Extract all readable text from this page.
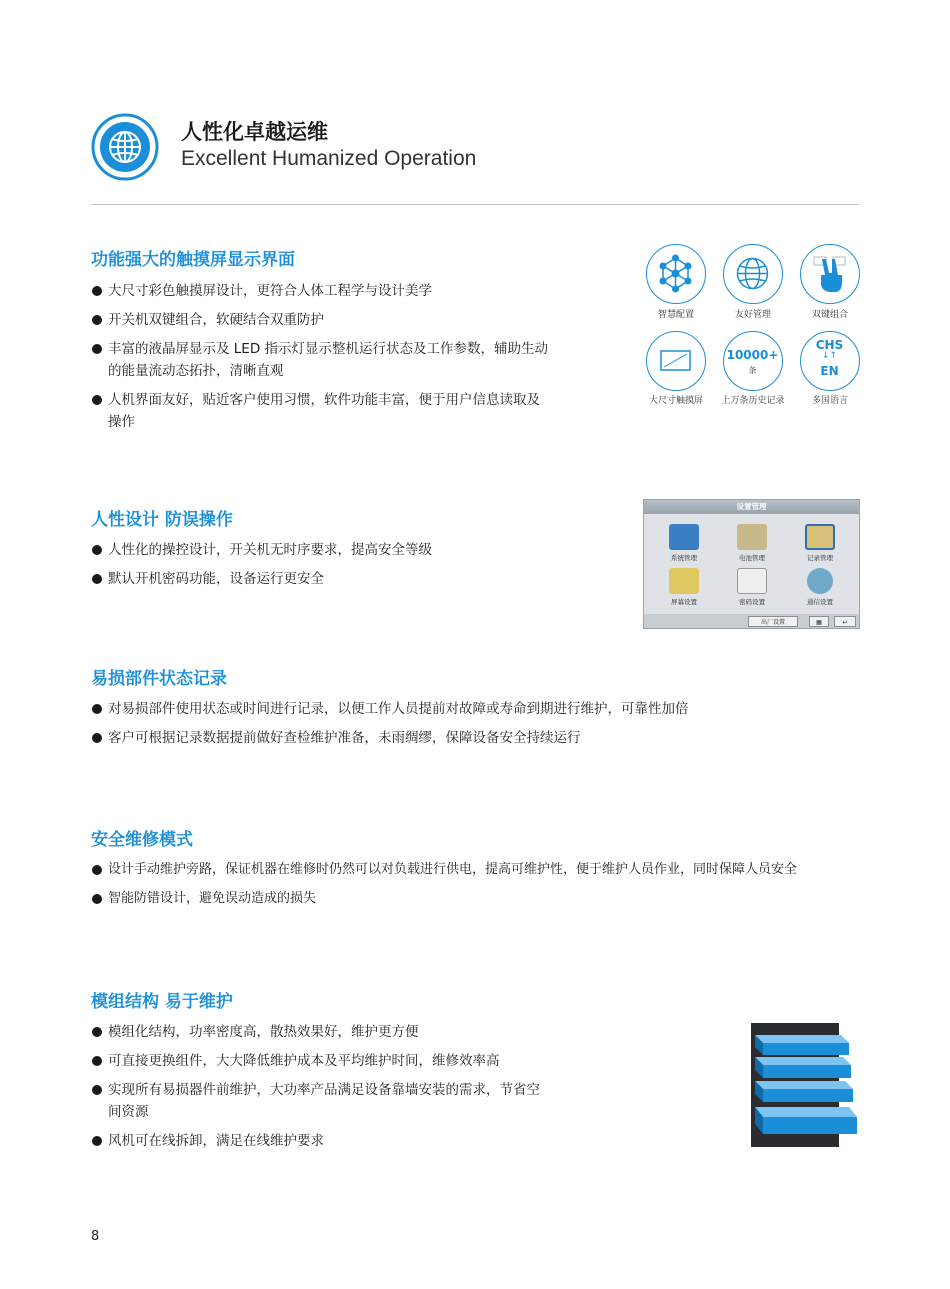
人性化卓越运维
Excellent Humanized Operation
功能强大的触摸屏显示界面
大尺寸彩色触摸屏设计，更符合人体工程学与设计美学
开关机双键组合，软硬结合双重防护
丰富的液晶屏显示及 LED 指示灯显示整机运行状态及工作参数，辅助生动的能量流动态拓扑，清晰直观
人机界面友好，贴近客户使用习惯，软件功能丰富，便于用户信息读取及操作
智慧配置	友好管理	双键组合
大尺寸触摸屏
10000+
条
上万条历史记录
CHS
↓↑
EN
多国语言
人性设计 防误操作
人性化的操控设计，开关机无时序要求，提高安全等级
默认开机密码功能，设备运行更安全
设置管理
系统管理	电池管理	记录管理
屏幕设置	密码设置	通信设置
出厂设置	▦	↩
易损部件状态记录
对易损部件使用状态或时间进行记录，以便工作人员提前对故障或寿命到期进行维护，可靠性加倍
客户可根据记录数据提前做好查检维护准备，未雨绸缪，保障设备安全持续运行
安全维修模式
设计手动维护旁路，保证机器在维修时仍然可以对负载进行供电，提高可维护性，便于维护人员作业，同时保障人员安全
智能防错设计，避免误动造成的损失
模组结构 易于维护
模组化结构，功率密度高，散热效果好，维护更方便
可直接更换组件，大大降低维护成本及平均维护时间，维修效率高
实现所有易损器件前维护，大功率产品满足设备靠墙安装的需求，节省空间资源
风机可在线拆卸，满足在线维护要求
8
